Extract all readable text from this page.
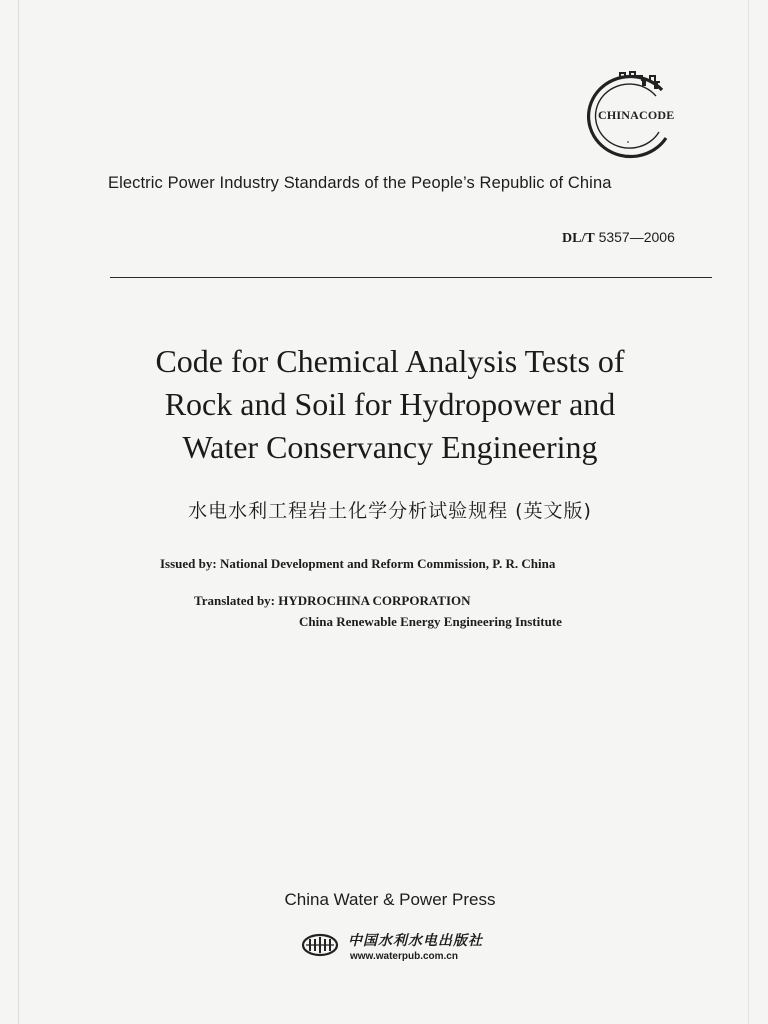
CHINACODE
Electric Power Industry Standards of the People’s Republic of China
DL/T 5357—2006
Code for Chemical Analysis Tests of
Rock and Soil for Hydropower and
Water Conservancy Engineering
水电水利工程岩土化学分析试验规程 (英文版)
Issued by: National Development and Reform Commission, P. R. China
Translated by: HYDROCHINA CORPORATION
China Renewable Energy Engineering Institute
China Water & Power Press
中国水利水电出版社
www.waterpub.com.cn
